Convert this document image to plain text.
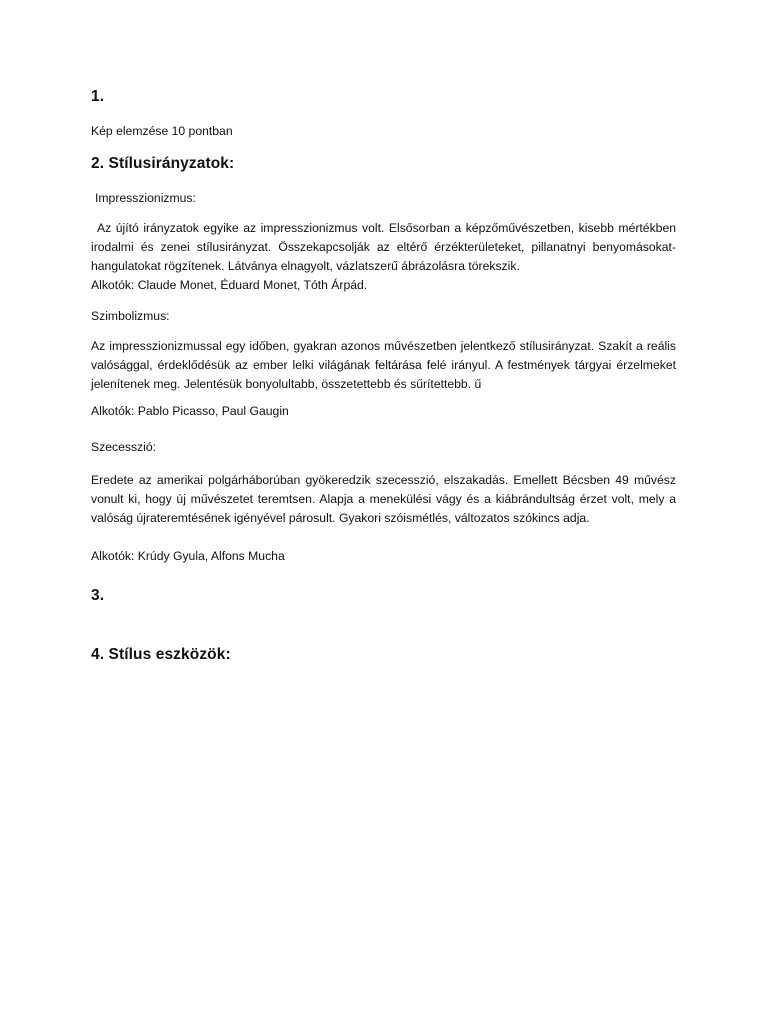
1.
Kép elemzése 10 pontban
2. Stílusirányzatok:
Impresszionizmus:
Az újító irányzatok egyike az impresszionizmus volt. Elsősorban a képzőművészetben, kisebb mértékben irodalmi és zenei stílusirányzat. Összekapcsolják az eltérő érzékterületeket, pillanatnyi benyomásokat-hangulatokat rögzítenek. Látványa elnagyolt, vázlatszerű ábrázolásra törekszik.
Alkotók: Claude Monet, Éduard Monet, Tóth Árpád.
Szimbolizmus:
Az impresszionizmussal egy időben, gyakran azonos művészetben jelentkező stílusirányzat. Szakít a reális valósággal, érdeklődésük az ember lelki világának feltárása felé irányul. A festmények tárgyai érzelmeket jelenítenek meg. Jelentésük bonyolultabb, összetettebb és sűrítettebb. ű
Alkotók: Pablo Picasso, Paul Gaugin
Szecesszió:
Eredete az amerikai polgárháborúban gyökeredzik szecesszió, elszakadás. Emellett Bécsben 49 művész vonult ki, hogy új művészetet teremtsen. Alapja a menekülési vágy és a kiábrándultság érzet volt, mely a valóság újrateremtésének igényével párosult. Gyakori szóismétlés, változatos szókincs adja.
Alkotók: Krúdy Gyula, Alfons Mucha
3.
4. Stílus eszközök:
